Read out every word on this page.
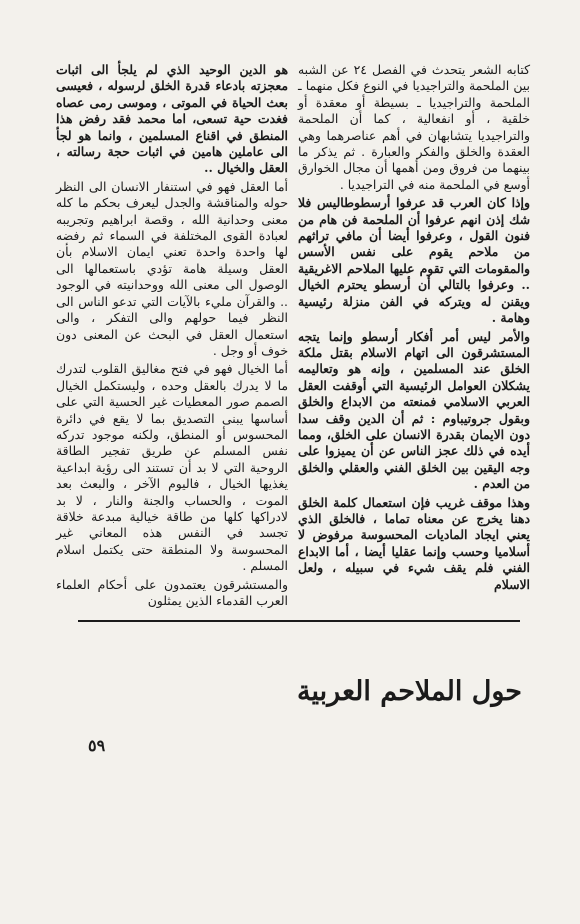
كتابه الشعر يتحدث في الفصل ٢٤ عن الشبه بين الملحمة والتراجيديا في النوع فكل منهما ـ الملحمة والتراجيديا ـ بسيطة أو معقدة أو خلقية ، أو انفعالية ، كما أن الملحمة والتراجيديا يتشابهان في أهم عناصرهما وهي العقدة والخلق والفكر والعبارة . ثم يذكر ما بينهما من فروق ومن أهمها أن مجال الخوارق أوسع في الملحمة منه في التراجيديا .

وإذا كان العرب قد عرفوا أرسطوطاليس فلا شك إذن انهم عرفوا أن الملحمة فن هام من فنون القول ، وعرفوا أيضا أن مافي تراثهم من ملاحم يقوم على نفس الأسس والمقومات التي تقوم عليها الملاحم الاغريقية .. وعرفوا بالتالي أن أرسطو يحترم الخيال ويقنن له ويتركه في الفن منزلة رئيسية وهامة .

والأمر ليس أمر أفكار أرسطو وإنما يتجه المستشرقون الى اتهام الاسلام بقتل ملكة الخلق عند المسلمين ، وإنه هو وتعاليمه يشكلان العوامل الرئيسية التي أوقفت العقل العربي الاسلامي فمنعته من الابداع والخلق وبقول جروتيباوم : ثم أن الدين وقف سدا دون الايمان بقدرة الانسان على الخلق، ومما أيده في ذلك عجز الناس عن أن يميزوا على وجه اليقين بين الخلق الفني والعقلي والخلق من العدم .

وهذا موقف غريب فإن استعمال كلمة الخلق دهنا يخرج عن معناه تماما ، فالخلق الذي يعني ايجاد الماديات المحسوسة مرفوض لا أسلاميا وحسب وإنما عقليا أيضا ، أما الابداع الفني فلم يقف شيء في سبيله ، ولعل الاسلام

هو الدين الوحيد الذي لم يلجأ الى اثبات معجزته بادعاء قدرة الخلق لرسوله ، فعيسى بعث الحياة في الموتى ، وموسى رمى عصاه فغدت حية تسعى، اما محمد فقد رفض هذا المنطق في اقناع المسلمين ، وانما هو لجأ الى عاملين هامين في اثبات حجة رسالته ، العقل والخيال ..

أما العقل فهو في استنفار الانسان الى النظر حوله والمناقشة والجدل ليعرف بحكم ما كله معنى وحدانية الله ، وقصة ابراهيم وتجريبه لعبادة القوى المختلفة في السماء ثم رفضه لها واحدة واحدة تعني ايمان الاسلام بأن العقل وسيلة هامة تؤدي باستعمالها الى الوصول الى معنى الله ووحدانيته في الوجود .. والقرآن مليء بالآيات التي تدعو الناس الى النظر فيما حولهم والى التفكر ، والى استعمال العقل في البحث عن المعنى دون خوف أو وجل .

أما الخيال فهو في فتح مغاليق القلوب لتدرك ما لا يدرك بالعقل وحده ، وليستكمل الخيال الصمم صور المعطيات غير الحسية التي على أساسها يبنى التصديق بما لا يقع في دائرة المحسوس أو المنطق، ولكنه موجود تدركه نفس المسلم عن طريق تفجير الطاقة الروحية التي لا بد أن تستند الى رؤية ابداعية يغذيها الخيال ، فاليوم الآخر ، والبعث بعد الموت ، والحساب والجنة والنار ، لا بد لادراكها كلها من طاقة خيالية مبدعة خلاقة تجسد في النفس هذه المعاني غير المحسوسة ولا المنطقة حتى يكتمل اسلام المسلم .

والمستشرقون يعتمدون على أحكام العلماء العرب القدماء الذين يمثلون

حول الملاحم العربية
٥٩
